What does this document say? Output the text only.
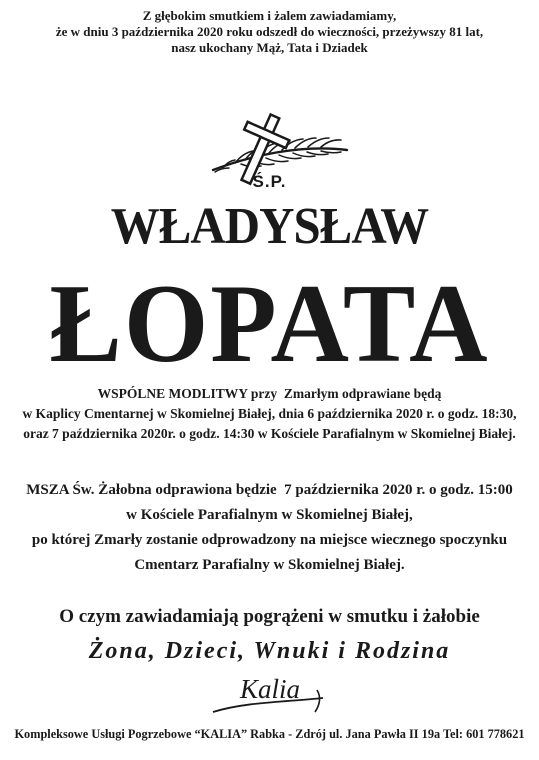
Z głębokim smutkiem i żalem zawiadamiamy,
że w dniu 3 października 2020 roku odszedł do wieczności, przeżywszy 81 lat,
nasz ukochany Mąż, Tata i Dziadek
Ś.P.
WŁADYSŁAW
ŁOPATA
WSPÓLNE MODLITWY przy  Zmarłym odprawiane będą
w Kaplicy Cmentarnej w Skomielnej Białej, dnia 6 października 2020 r. o godz. 18:30,
oraz 7 października 2020r. o godz. 14:30 w Kościele Parafialnym w Skomielnej Białej.
MSZA Św. Żałobna odprawiona będzie  7 października 2020 r. o godz. 15:00
w Kościele Parafialnym w Skomielnej Białej,
po której Zmarły zostanie odprowadzony na miejsce wiecznego spoczynku
Cmentarz Parafialny w Skomielnej Białej.
O czym zawiadamiają pogrążeni w smutku i żałobie
Żona, Dzieci, Wnuki i Rodzina
Kalia
Kompleksowe Usługi Pogrzebowe “KALIA” Rabka - Zdrój ul. Jana Pawła II 19a Tel: 601 778621
